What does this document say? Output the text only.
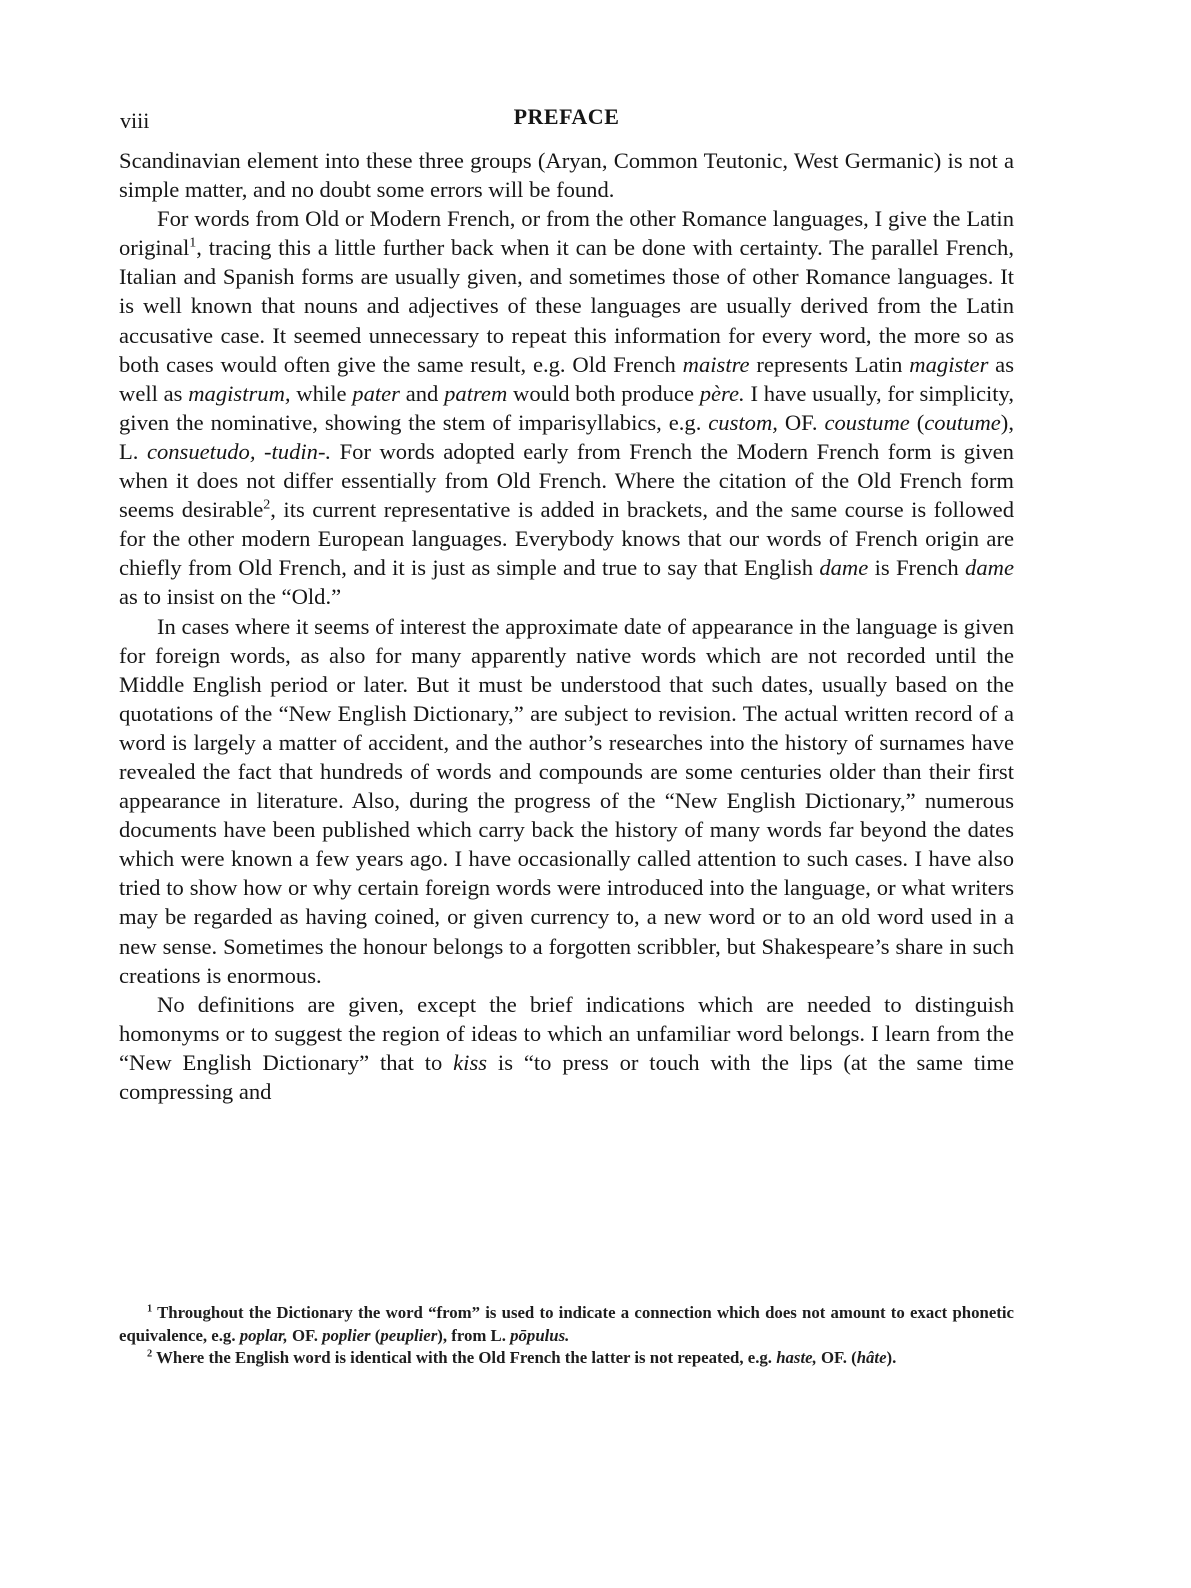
viii	PREFACE

Scandinavian element into these three groups (Aryan, Common Teutonic, West Germanic) is not a simple matter, and no doubt some errors will be found.

For words from Old or Modern French, or from the other Romance languages, I give the Latin original$^1$, tracing this a little further back when it can be done with certainty. The parallel French, Italian and Spanish forms are usually given, and sometimes those of other Romance languages. It is well known that nouns and adjectives of these languages are usually derived from the Latin accusative case. It seemed unnecessary to repeat this information for every word, the more so as both cases would often give the same result, e.g. Old French maistre represents Latin magister as well as magistrum, while pater and patrem would both produce père. I have usually, for simplicity, given the nominative, showing the stem of imparisyllabics, e.g. custom, OF. coustume (coutume), L. consuetudo, -tudin-. For words adopted early from French the Modern French form is given when it does not differ essentially from Old French. Where the citation of the Old French form seems desirable$^2$, its current representative is added in brackets, and the same course is followed for the other modern European languages. Everybody knows that our words of French origin are chiefly from Old French, and it is just as simple and true to say that English dame is French dame as to insist on the “Old.”

In cases where it seems of interest the approximate date of appearance in the language is given for foreign words, as also for many apparently native words which are not recorded until the Middle English period or later. But it must be understood that such dates, usually based on the quotations of the “New English Dictionary,” are subject to revision. The actual written record of a word is largely a matter of accident, and the author’s researches into the history of surnames have revealed the fact that hundreds of words and compounds are some centuries older than their first appearance in literature. Also, during the progress of the “New English Dictionary,” numerous documents have been published which carry back the history of many words far beyond the dates which were known a few years ago. I have occasionally called attention to such cases. I have also tried to show how or why certain foreign words were introduced into the language, or what writers may be regarded as having coined, or given currency to, a new word or to an old word used in a new sense. Sometimes the honour belongs to a forgotten scribbler, but Shakespeare’s share in such creations is enormous.

No definitions are given, except the brief indications which are needed to distinguish homonyms or to suggest the region of ideas to which an unfamiliar word belongs. I learn from the “New English Dictionary” that to kiss is “to press or touch with the lips (at the same time compressing and

$^1$ Throughout the Dictionary the word “from” is used to indicate a connection which does not amount to exact phonetic equivalence, e.g. poplar, OF. poplier (peuplier), from L. pōpulus.

$^2$ Where the English word is identical with the Old French the latter is not repeated, e.g. haste, OF. (hâte).
